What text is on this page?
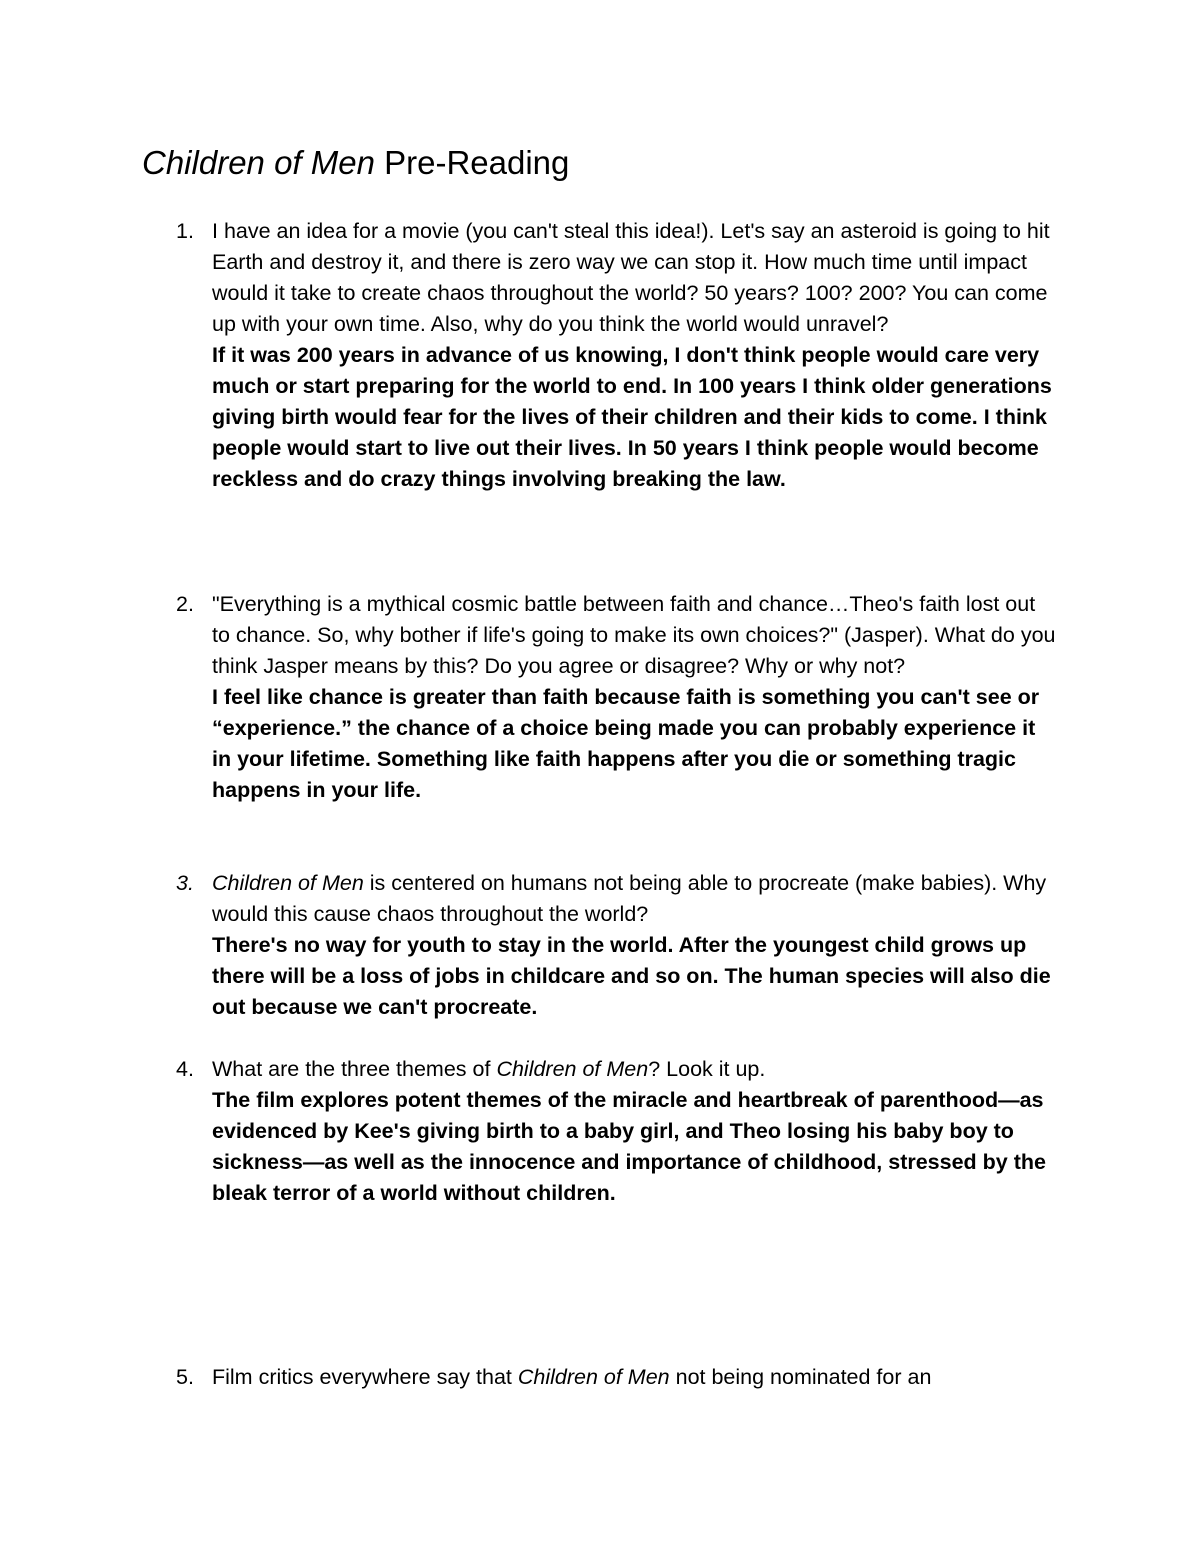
Children of Men Pre-Reading
1. I have an idea for a movie (you can't steal this idea!). Let's say an asteroid is going to hit Earth and destroy it, and there is zero way we can stop it. How much time until impact would it take to create chaos throughout the world? 50 years? 100? 200? You can come up with your own time. Also, why do you think the world would unravel?

If it was 200 years in advance of us knowing, I don't think people would care very much or start preparing for the world to end. In 100 years I think older generations giving birth would fear for the lives of their children and their kids to come. I think people would start to live out their lives. In 50 years I think people would become reckless and do crazy things involving breaking the law.

2. "Everything is a mythical cosmic battle between faith and chance…Theo's faith lost out to chance. So, why bother if life's going to make its own choices?" (Jasper). What do you think Jasper means by this? Do you agree or disagree? Why or why not?

I feel like chance is greater than faith because faith is something you can't see or “experience.” the chance of a choice being made you can probably experience it in your lifetime. Something like faith happens after you die or something tragic happens in your life.

3. Children of Men is centered on humans not being able to procreate (make babies). Why would this cause chaos throughout the world?

There's no way for youth to stay in the world. After the youngest child grows up there will be a loss of jobs in childcare and so on. The human species will also die out because we can't procreate.

4. What are the three themes of Children of Men? Look it up.

The film explores potent themes of the miracle and heartbreak of parenthood—as evidenced by Kee's giving birth to a baby girl, and Theo losing his baby boy to sickness—as well as the innocence and importance of childhood, stressed by the bleak terror of a world without children.

5. Film critics everywhere say that Children of Men not being nominated for an
